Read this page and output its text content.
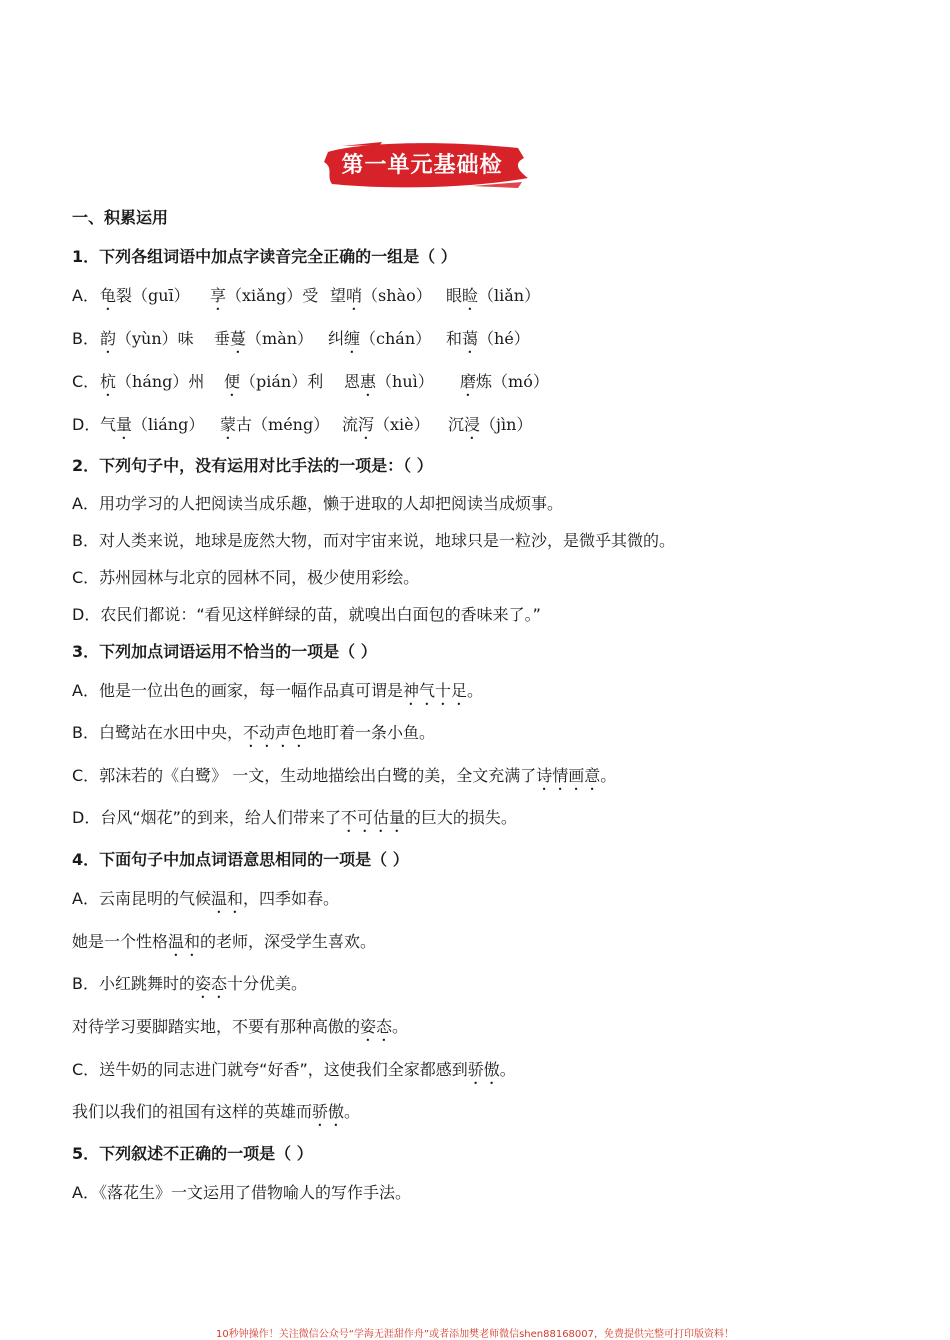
第一单元基础检
一、积累运用
1．下列各组词语中加点字读音完全正确的一组是（ ）
A． 龟裂（guī） 享（xiǎng）受 望哨（shào） 眼睑（liǎn）
B． 韵（yùn）味 垂蔓（màn） 纠缠（chán） 和蔼（hé）
C． 杭（háng）州 便（pián）利 恩惠（huì） 磨炼（mó）
D． 气量（liáng） 蒙古（méng） 流泻（xiè） 沉浸（jìn）
2．下列句子中，没有运用对比手法的一项是：（ ）
A．用功学习的人把阅读当成乐趣，懒于进取的人却把阅读当成烦事。
B．对人类来说，地球是庞然大物，而对宇宙来说，地球只是一粒沙，是微乎其微的。
C．苏州园林与北京的园林不同，极少使用彩绘。
D．农民们都说：“看见这样鲜绿的苗，就嗅出白面包的香味来了。”
3．下列加点词语运用不恰当的一项是（ ）
A．他是一位出色的画家，每一幅作品真可谓是神气十足。
B．白鹭站在水田中央，不动声色地盯着一条小鱼。
C．郭沫若的《白鹭》 一文，生动地描绘出白鹭的美，全文充满了诗情画意。
D．台风“烟花”的到来，给人们带来了不可估量的巨大的损失。
4．下面句子中加点词语意思相同的一项是（ ）
A．云南昆明的气候温和，四季如春。
她是一个性格温和的老师，深受学生喜欢。
B．小红跳舞时的姿态十分优美。
对待学习要脚踏实地，不要有那种高傲的姿态。
C．送牛奶的同志进门就夸“好香”，这使我们全家都感到骄傲。
我们以我们的祖国有这样的英雄而骄傲。
5．下列叙述不正确的一项是（ ）
A．《落花生》一文运用了借物喻人的写作手法。
10秒钟操作！关注微信公众号“学海无涯甜作舟”或者添加樊老师微信shen88168007，免费提供完整可打印版资料！
